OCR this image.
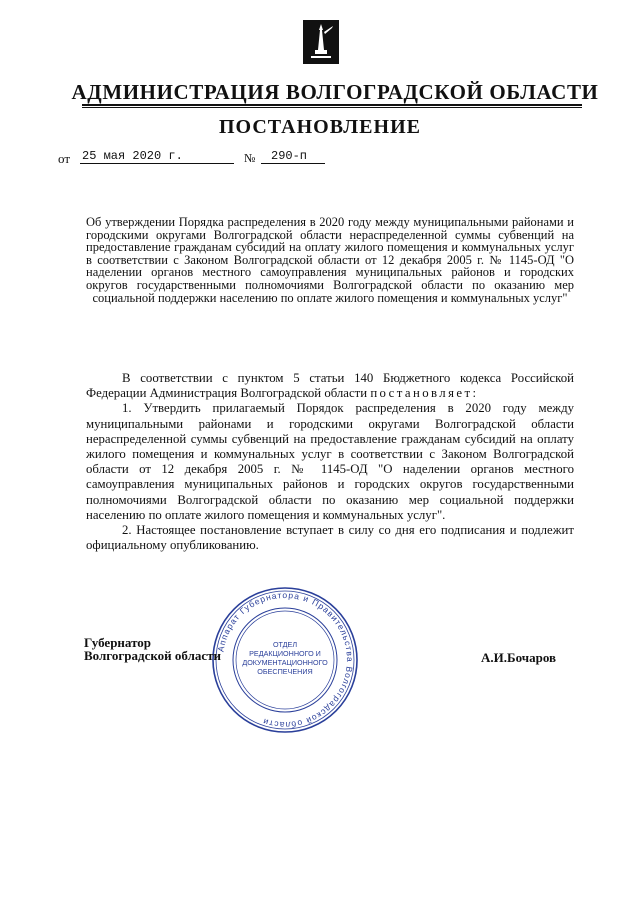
АДМИНИСТРАЦИЯ ВОЛГОГРАДСКОЙ ОБЛАСТИ
ПОСТАНОВЛЕНИЕ
от 25 мая 2020 г.	№ 290-п
Об утверждении Порядка распределения в 2020 году между муниципальными районами и городскими округами Волгоградской области нераспределенной суммы субвенций на предоставление гражданам субсидий на оплату жилого помещения и коммунальных услуг в соответствии с Законом Волгоградской области от 12 декабря 2005 г. № 1145-ОД "О наделении органов местного самоуправления муниципальных районов и городских округов государственными полномочиями Волгоградской области по оказанию мер социальной поддержки населению по оплате жилого помещения и коммунальных услуг"

В соответствии с пунктом 5 статьи 140 Бюджетного кодекса Российской Федерации Администрация Волгоградской области постановляет:

1. Утвердить прилагаемый Порядок распределения в 2020 году между муниципальными районами и городскими округами Волгоградской области нераспределенной суммы субвенций на предоставление гражданам субсидий на оплату жилого помещения и коммунальных услуг в соответствии с Законом Волгоградской области от 12 декабря 2005 г. № 1145-ОД "О наделении органов местного самоуправления муниципальных районов и городских округов государственными полномочиями Волгоградской области по оказанию мер социальной поддержки населению по оплате жилого помещения и коммунальных услуг".

2. Настоящее постановление вступает в силу со дня его подписания и подлежит официальному опубликованию.

Аппарат Губернатора и Правительства Волгоградской области
ОТДЕЛ
РЕДАКЦИОННОГО И
ДОКУМЕНТАЦИОННОГО
ОБЕСПЕЧЕНИЯ
Губернатор
Волгоградской области	А.И.Бочаров
